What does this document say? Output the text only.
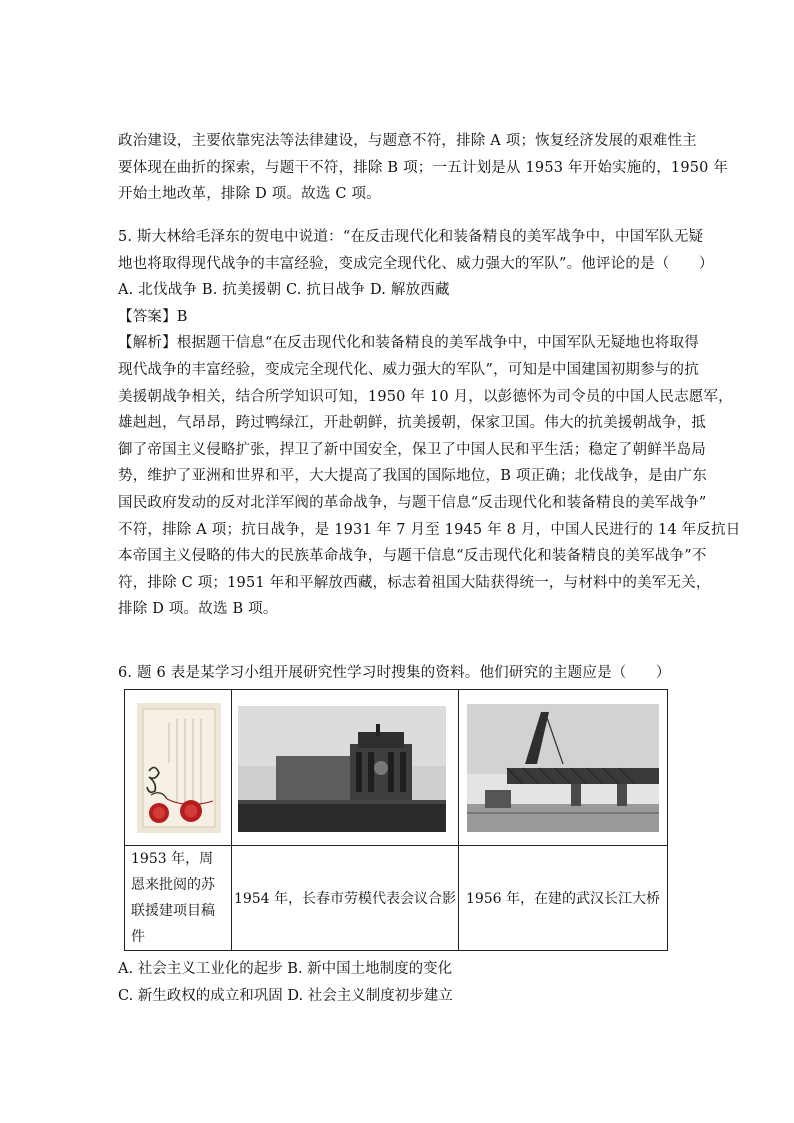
政治建设，主要依靠宪法等法律建设，与题意不符，排除 A 项；恢复经济发展的艰难性主

要体现在曲折的探索，与题干不符，排除 B 项；一五计划是从 1953 年开始实施的，1950 年

开始土地改革，排除 D 项。故选 C 项。

5. 斯大林给毛泽东的贺电中说道：“在反击现代化和装备精良的美军战争中，中国军队无疑

地也将取得现代战争的丰富经验，变成完全现代化、威力强大的军队”。他评论的是（　　）

A. 北伐战争 B. 抗美援朝 C. 抗日战争 D. 解放西藏

【答案】B

【解析】根据题干信息“在反击现代化和装备精良的美军战争中，中国军队无疑地也将取得

现代战争的丰富经验，变成完全现代化、威力强大的军队”，可知是中国建国初期参与的抗

美援朝战争相关，结合所学知识可知，1950 年 10 月，以彭德怀为司令员的中国人民志愿军，

雄赳赳，气昂昂，跨过鸭绿江，开赴朝鲜，抗美援朝，保家卫国。伟大的抗美援朝战争，抵

御了帝国主义侵略扩张，捍卫了新中国安全，保卫了中国人民和平生活；稳定了朝鲜半岛局

势，维护了亚洲和世界和平，大大提高了我国的国际地位，B 项正确；北伐战争，是由广东

国民政府发动的反对北洋军阀的革命战争，与题干信息“反击现代化和装备精良的美军战争”

不符，排除 A 项；抗日战争，是 1931 年 7 月至 1945 年 8 月，中国人民进行的 14 年反抗日

本帝国主义侵略的伟大的民族革命战争，与题干信息“反击现代化和装备精良的美军战争”不

符，排除 C 项；1951 年和平解放西藏，标志着祖国大陆获得统一，与材料中的美军无关，

排除 D 项。故选 B 项。

6. 题 6 表是某学习小组开展研究性学习时搜集的资料。他们研究的主题应是（　　）

1953 年，周恩来批阅的苏联援建项目稿件	1954 年，长春市劳模代表会议合影	1956 年，在建的武汉长江大桥

A. 社会主义工业化的起步 B. 新中国土地制度的变化

C. 新生政权的成立和巩固 D. 社会主义制度初步建立
